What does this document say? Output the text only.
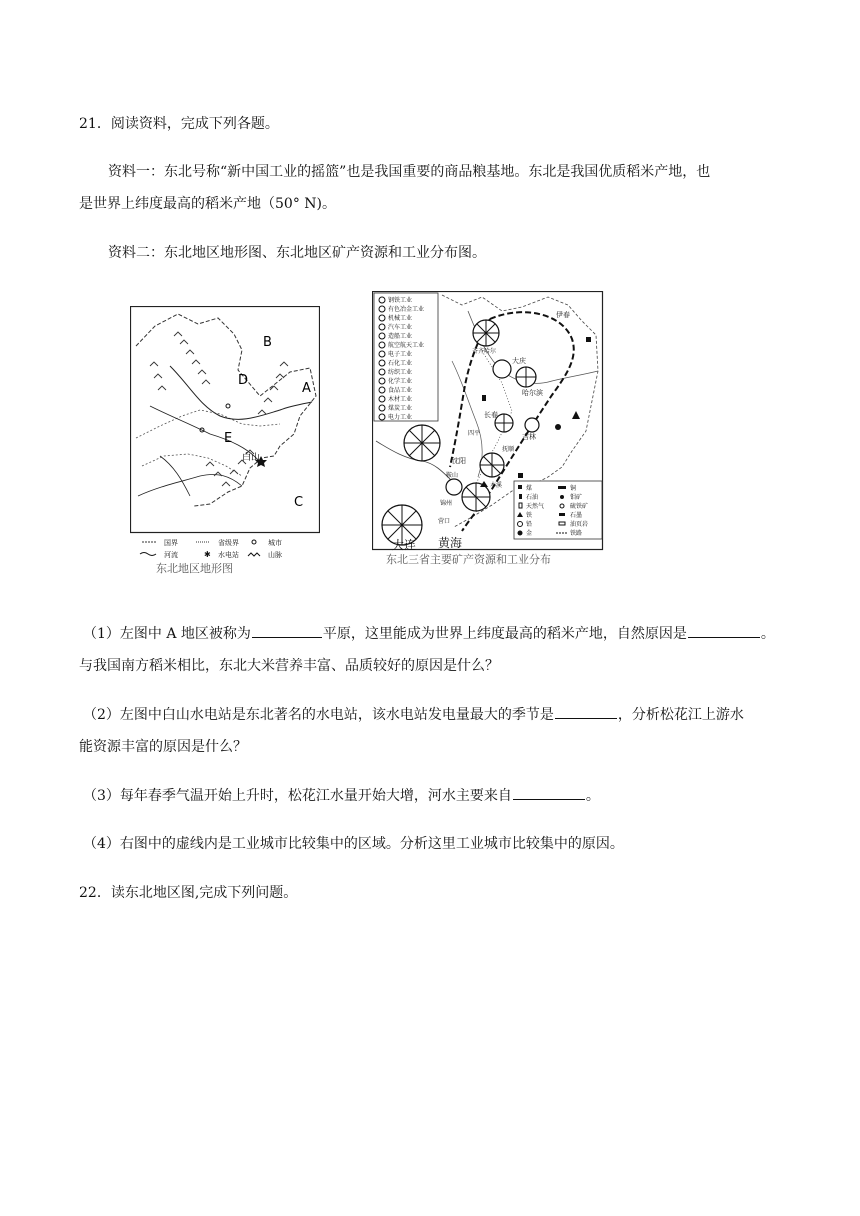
21．阅读资料，完成下列各题。
资料一：东北号称“新中国工业的摇篮”也是我国重要的商品粮基地。东北是我国优质稻米产地，也
是世界上纬度最高的稻米产地（50° N)。
资料二：东北地区地形图、东北地区矿产资源和工业分布图。
B
D
A
E
C
白山
国界	省级界	城市
河流	✱ 水电站	山脉
东北地区地形图
钢铁工业
有色冶金工业
机械工业
汽车工业
造船工业
航空航天工业
电子工业
石化工业
纺织工业
化学工业
食品工业
木材工业
煤炭工业
电力工业
伊春
齐齐哈尔
大庆
哈尔滨
长春
吉林
四平
沈阳
抚顺
鞍山
本溪
锦州
营口
大连 黄海
煤	铜
石油	钼矿
天然气	硫铁矿
铁	石墨
铅	油页岩
金	铁路
东北三省主要矿产资源和工业分布
（1）左图中 A 地区被称为	平原，这里能成为世界上纬度最高的稻米产地，自然原因是	。
与我国南方稻米相比，东北大米营养丰富、品质较好的原因是什么？
（2）左图中白山水电站是东北著名的水电站，该水电站发电量最大的季节是	，分析松花江上游水
能资源丰富的原因是什么？
（3）每年春季气温开始上升时，松花江水量开始大增，河水主要来自	。
（4）右图中的虚线内是工业城市比较集中的区域。分析这里工业城市比较集中的原因。
22．读东北地区图,完成下列问题。
